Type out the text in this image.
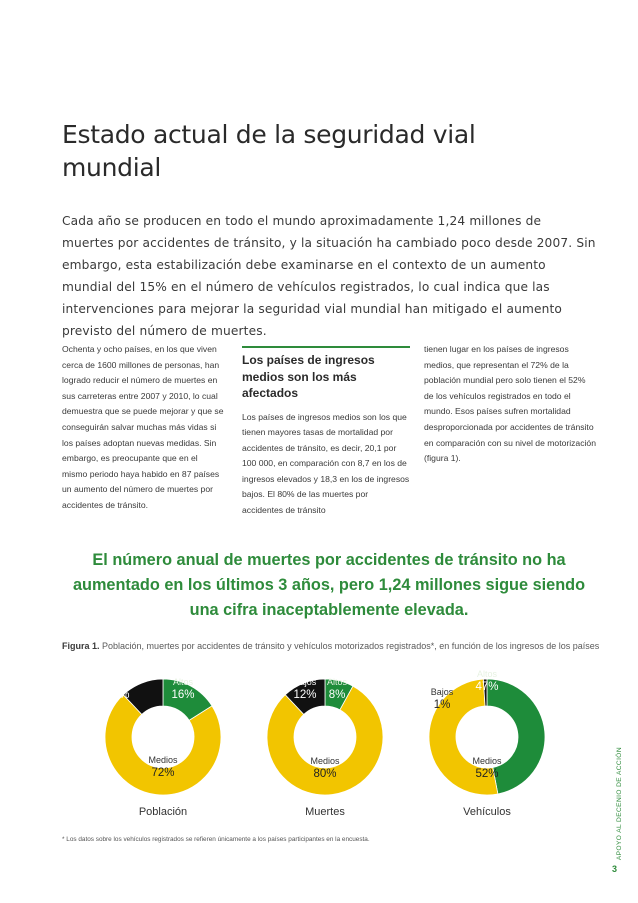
Estado actual de la seguridad vial mundial

Cada año se producen en todo el mundo aproximadamente 1,24 millones de muertes por accidentes de tránsito, y la situación ha cambiado poco desde 2007. Sin embargo, esta estabilización debe examinarse en el contexto de un aumento mundial del 15% en el número de vehículos registrados, lo cual indica que las intervenciones para mejorar la seguridad vial mundial han mitigado el aumento previsto del número de muertes.

Ochenta y ocho países, en los que viven cerca de 1600 millones de personas, han logrado reducir el número de muertes en sus carreteras entre 2007 y 2010, lo cual demuestra que se puede mejorar y que se conseguirán salvar muchas más vidas si los países adoptan nuevas medidas. Sin embargo, es preocupante que en el mismo periodo haya habido en 87 países un aumento del número de muertes por accidentes de tránsito.

Los países de ingresos medios son los más afectados

Los países de ingresos medios son los que tienen mayores tasas de mortalidad por accidentes de tránsito, es decir, 20,1 por 100 000, en comparación con 8,7 en los de ingresos elevados y 18,3 en los de ingresos bajos. El 80% de las muertes por accidentes de tránsito

tienen lugar en los países de ingresos medios, que representan el 72% de la población mundial pero solo tienen el 52% de los vehículos registrados en todo el mundo. Esos países sufren mortalidad desproporcionada por accidentes de tránsito en comparación con su nivel de motorización (figura 1).

El número anual de muertes por accidentes de tránsito no ha aumentado en los últimos 3 años, pero 1,24 millones sigue siendo una cifra inaceptablemente elevada.

Figura 1. Población, muertes por accidentes de tránsito y vehículos motorizados registrados*, en función de los ingresos de los países

Altos
16%
Medios
72%
Bajos
12%
Población
Altos
8%
Medios
80%
Bajos
12%
Muertes
Altos
47%
Medios
52%
Bajos
1%
Vehículos

* Los datos sobre los vehículos registrados se refieren únicamente a los países participantes en la encuesta.	APOYO AL DECENIO DE ACCIÓN
3
